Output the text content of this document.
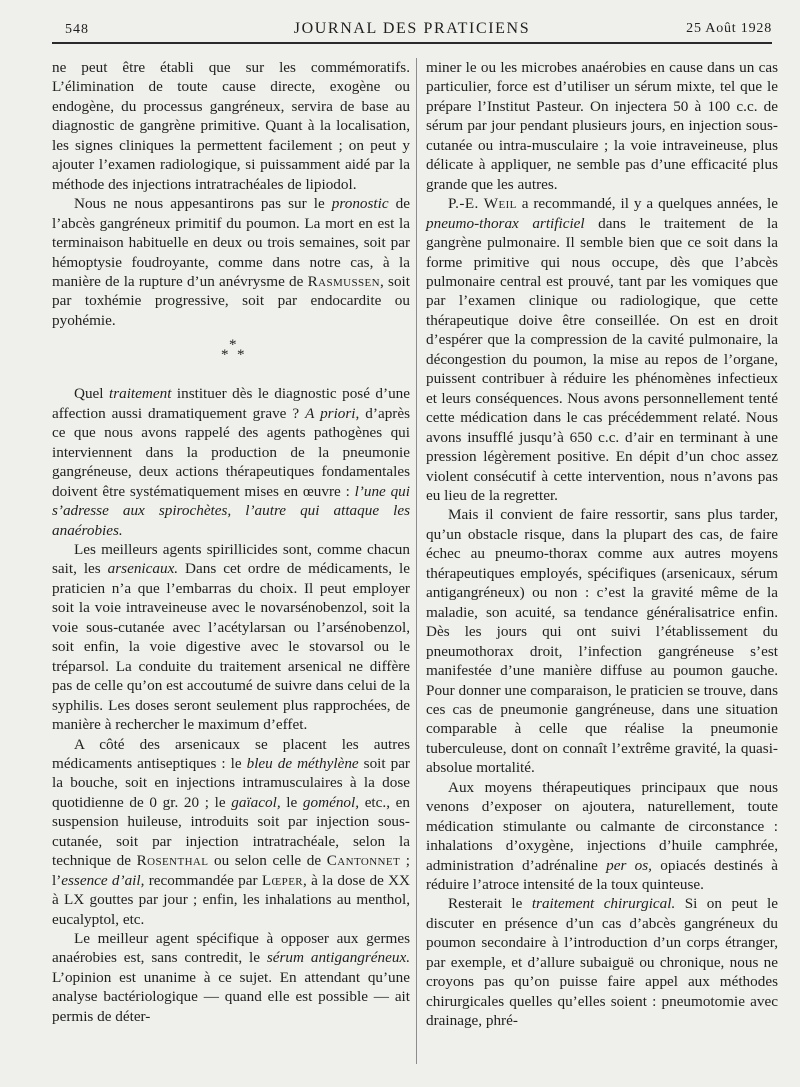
548	JOURNAL DES PRATICIENS	25 Août 1928

ne peut être établi que sur les commémoratifs. L’élimination de toute cause directe, exogène ou endogène, du processus gangréneux, servira de base au diagnostic de gangrène primitive. Quant à la localisation, les signes cliniques la permettent facilement ; on peut y ajouter l’examen radiologique, si puissamment aidé par la méthode des injections intratrachéales de lipiodol.

Nous ne nous appesantirons pas sur le pronostic de l’abcès gangréneux primitif du poumon. La mort en est la terminaison habituelle en deux ou trois semaines, soit par hémoptysie foudroyante, comme dans notre cas, à la manière de la rupture d’un anévrysme de Rasmussen, soit par toxhémie progressive, soit par endocardite ou pyohémie.

*
* *

Quel traitement instituer dès le diagnostic posé d’une affection aussi dramatiquement grave ? A priori, d’après ce que nous avons rappelé des agents pathogènes qui interviennent dans la production de la pneumonie gangréneuse, deux actions thérapeutiques fondamentales doivent être systématiquement mises en œuvre : l’une qui s’adresse aux spirochètes, l’autre qui attaque les anaérobies.

Les meilleurs agents spirillicides sont, comme chacun sait, les arsenicaux. Dans cet ordre de médicaments, le praticien n’a que l’embarras du choix. Il peut employer soit la voie intraveineuse avec le novarsénobenzol, soit la voie sous-cutanée avec l’acétylarsan ou l’arsénobenzol, soit enfin, la voie digestive avec le stovarsol ou le tréparsol. La conduite du traitement arsenical ne diffère pas de celle qu’on est accoutumé de suivre dans celui de la syphilis. Les doses seront seulement plus rapprochées, de manière à rechercher le maximum d’effet.

A côté des arsenicaux se placent les autres médicaments antiseptiques : le bleu de méthylène soit par la bouche, soit en injections intramusculaires à la dose quotidienne de 0 gr. 20 ; le gaïacol, le goménol, etc., en suspension huileuse, introduits soit par injection sous-cutanée, soit par injection intratrachéale, selon la technique de Rosenthal ou selon celle de Cantonnet ; l’essence d’ail, recommandée par Lœper, à la dose de XX à LX gouttes par jour ; enfin, les inhalations au menthol, eucalyptol, etc.

Le meilleur agent spécifique à opposer aux germes anaérobies est, sans contredit, le sérum antigangréneux. L’opinion est unanime à ce sujet. En attendant qu’une analyse bactériologique — quand elle est possible — ait permis de déter-

miner le ou les microbes anaérobies en cause dans un cas particulier, force est d’utiliser un sérum mixte, tel que le prépare l’Institut Pasteur. On injectera 50 à 100 c.c. de sérum par jour pendant plusieurs jours, en injection sous-cutanée ou intra-musculaire ; la voie intraveineuse, plus délicate à appliquer, ne semble pas d’une efficacité plus grande que les autres.

P.-E. Weil a recommandé, il y a quelques années, le pneumo-thorax artificiel dans le traitement de la gangrène pulmonaire. Il semble bien que ce soit dans la forme primitive qui nous occupe, dès que l’abcès pulmonaire central est prouvé, tant par les vomiques que par l’examen clinique ou radiologique, que cette thérapeutique doive être conseillée. On est en droit d’espérer que la compression de la cavité pulmonaire, la décongestion du poumon, la mise au repos de l’organe, puissent contribuer à réduire les phénomènes infectieux et leurs conséquences. Nous avons personnellement tenté cette médication dans le cas précédemment relaté. Nous avons insufflé jusqu’à 650 c.c. d’air en terminant à une pression légèrement positive. En dépit d’un choc assez violent consécutif à cette intervention, nous n’avons pas eu lieu de la regretter.

Mais il convient de faire ressortir, sans plus tarder, qu’un obstacle risque, dans la plupart des cas, de faire échec au pneumo-thorax comme aux autres moyens thérapeutiques employés, spécifiques (arsenicaux, sérum antigangréneux) ou non : c’est la gravité même de la maladie, son acuité, sa tendance généralisatrice enfin. Dès les jours qui ont suivi l’établissement du pneumothorax droit, l’infection gangréneuse s’est manifestée d’une manière diffuse au poumon gauche. Pour donner une comparaison, le praticien se trouve, dans ces cas de pneumonie gangréneuse, dans une situation comparable à celle que réalise la pneumonie tuberculeuse, dont on connaît l’extrême gravité, la quasi-absolue mortalité.

Aux moyens thérapeutiques principaux que nous venons d’exposer on ajoutera, naturellement, toute médication stimulante ou calmante de circonstance : inhalations d’oxygène, injections d’huile camphrée, administration d’adrénaline per os, opiacés destinés à réduire l’atroce intensité de la toux quinteuse.

Resterait le traitement chirurgical. Si on peut le discuter en présence d’un cas d’abcès gangréneux du poumon secondaire à l’introduction d’un corps étranger, par exemple, et d’allure subaiguë ou chronique, nous ne croyons pas qu’on puisse faire appel aux méthodes chirurgicales quelles qu’elles soient : pneumotomie avec drainage, phré-
